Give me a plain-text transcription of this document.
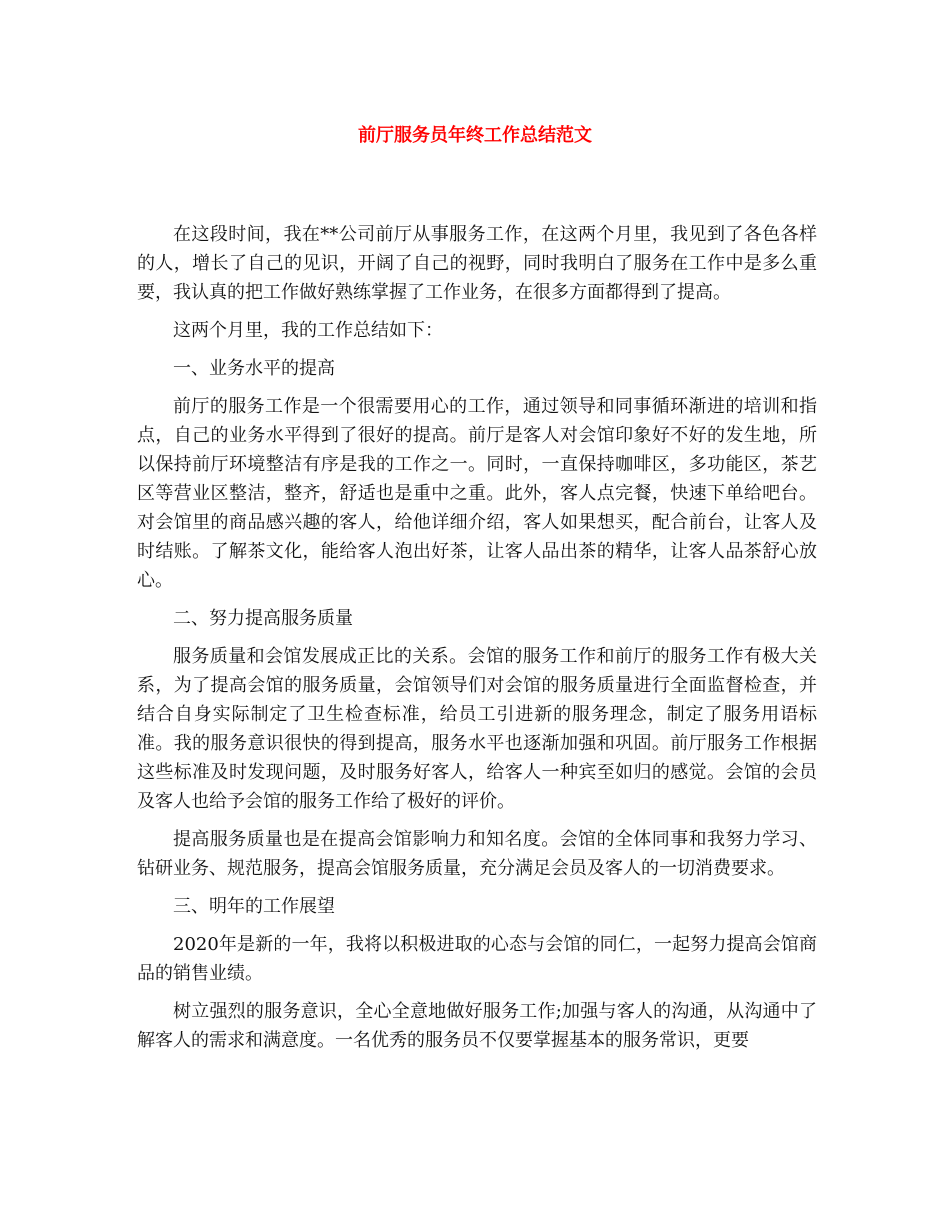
前厅服务员年终工作总结范文

在这段时间，我在**公司前厅从事服务工作，在这两个月里，我见到了各色各样的人，增长了自己的见识，开阔了自己的视野，同时我明白了服务在工作中是多么重要，我认真的把工作做好熟练掌握了工作业务，在很多方面都得到了提高。

这两个月里，我的工作总结如下：

一、业务水平的提高

前厅的服务工作是一个很需要用心的工作，通过领导和同事循环渐进的培训和指点，自己的业务水平得到了很好的提高。前厅是客人对会馆印象好不好的发生地，所以保持前厅环境整洁有序是我的工作之一。同时，一直保持咖啡区，多功能区，茶艺区等营业区整洁，整齐，舒适也是重中之重。此外，客人点完餐，快速下单给吧台。对会馆里的商品感兴趣的客人，给他详细介绍，客人如果想买，配合前台，让客人及时结账。了解茶文化，能给客人泡出好茶，让客人品出茶的精华，让客人品茶舒心放心。

二、努力提高服务质量

服务质量和会馆发展成正比的关系。会馆的服务工作和前厅的服务工作有极大关系，为了提高会馆的服务质量，会馆领导们对会馆的服务质量进行全面监督检查，并结合自身实际制定了卫生检查标准，给员工引进新的服务理念，制定了服务用语标准。我的服务意识很快的得到提高，服务水平也逐渐加强和巩固。前厅服务工作根据这些标准及时发现问题，及时服务好客人，给客人一种宾至如归的感觉。会馆的会员及客人也给予会馆的服务工作给了极好的评价。

提高服务质量也是在提高会馆影响力和知名度。会馆的全体同事和我努力学习、钻研业务、规范服务，提高会馆服务质量，充分满足会员及客人的一切消费要求。

三、明年的工作展望

2020年是新的一年，我将以积极进取的心态与会馆的同仁，一起努力提高会馆商品的销售业绩。

树立强烈的服务意识，全心全意地做好服务工作;加强与客人的沟通，从沟通中了解客人的需求和满意度。一名优秀的服务员不仅要掌握基本的服务常识，更要
